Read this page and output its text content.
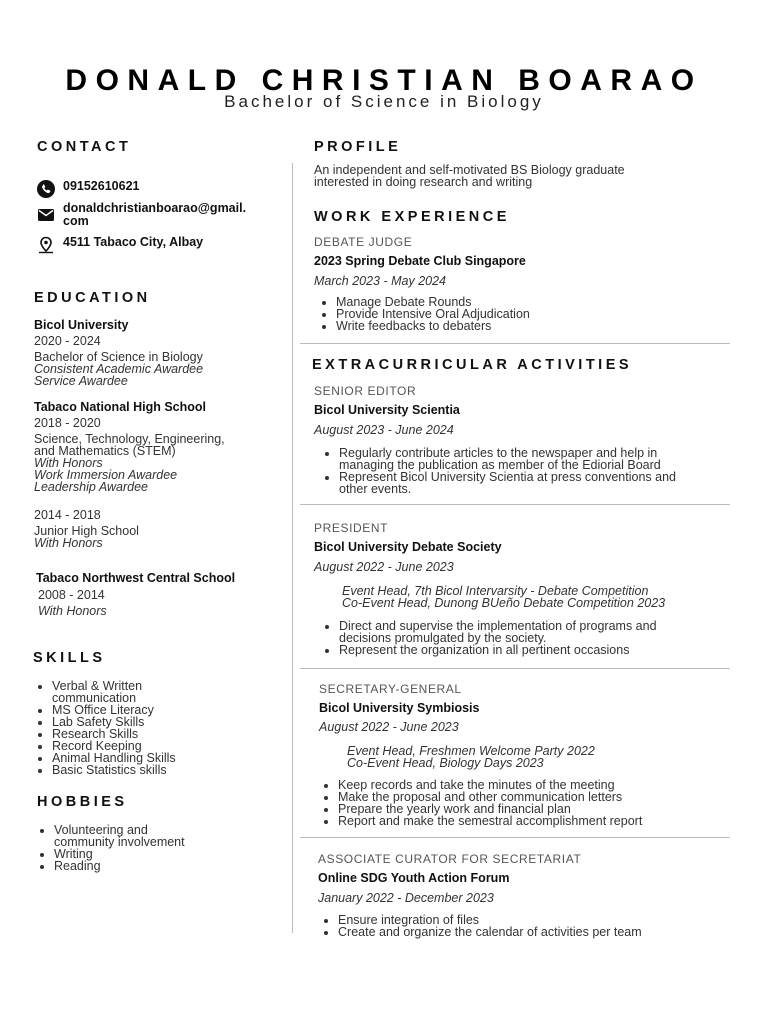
DONALD CHRISTIAN BOARAO
Bachelor of Science in Biology
CONTACT
09152610621
donaldchristianboarao@gmail.
com
4511 Tabaco City, Albay
EDUCATION
Bicol University
2020 - 2024
Bachelor of Science in Biology
Consistent Academic Awardee
Service Awardee
Tabaco National High School
2018 - 2020
Science, Technology, Engineering,
and Mathematics (STEM)
With Honors
Work Immersion Awardee
Leadership Awardee
2014 - 2018
Junior High School
With Honors
Tabaco Northwest Central School
2008 - 2014
With Honors
SKILLS
• Verbal & Written
communication
• MS Office Literacy
• Lab Safety Skills
• Research Skills
• Record Keeping
• Animal Handling Skills
• Basic Statistics skills
HOBBIES
• Volunteering and
community involvement
• Writing
• Reading
PROFILE
An independent and self-motivated BS Biology graduate
interested in doing research and writing
WORK EXPERIENCE
DEBATE JUDGE
2023 Spring Debate Club Singapore
March 2023 - May 2024
• Manage Debate Rounds
• Provide Intensive Oral Adjudication
• Write feedbacks to debaters
EXTRACURRICULAR ACTIVITIES
SENIOR EDITOR
Bicol University Scientia
August 2023 - June 2024
• Regularly contribute articles to the newspaper and help in
managing the publication as member of the Ediorial Board
• Represent Bicol University Scientia at press conventions and
other events.
PRESIDENT
Bicol University Debate Society
August 2022 - June 2023
Event Head, 7th Bicol Intervarsity - Debate Competition
Co-Event Head, Dunong BUeño Debate Competition 2023
• Direct and supervise the implementation of programs and
decisions promulgated by the society.
• Represent the organization in all pertinent occasions
SECRETARY-GENERAL
Bicol University Symbiosis
August 2022 - June 2023
Event Head, Freshmen Welcome Party 2022
Co-Event Head, Biology Days 2023
• Keep records and take the minutes of the meeting
• Make the proposal and other communication letters
• Prepare the yearly work and financial plan
• Report and make the semestral accomplishment report
ASSOCIATE CURATOR FOR SECRETARIAT
Online SDG Youth Action Forum
January 2022 - December 2023
• Ensure integration of files
• Create and organize the calendar of activities per team
